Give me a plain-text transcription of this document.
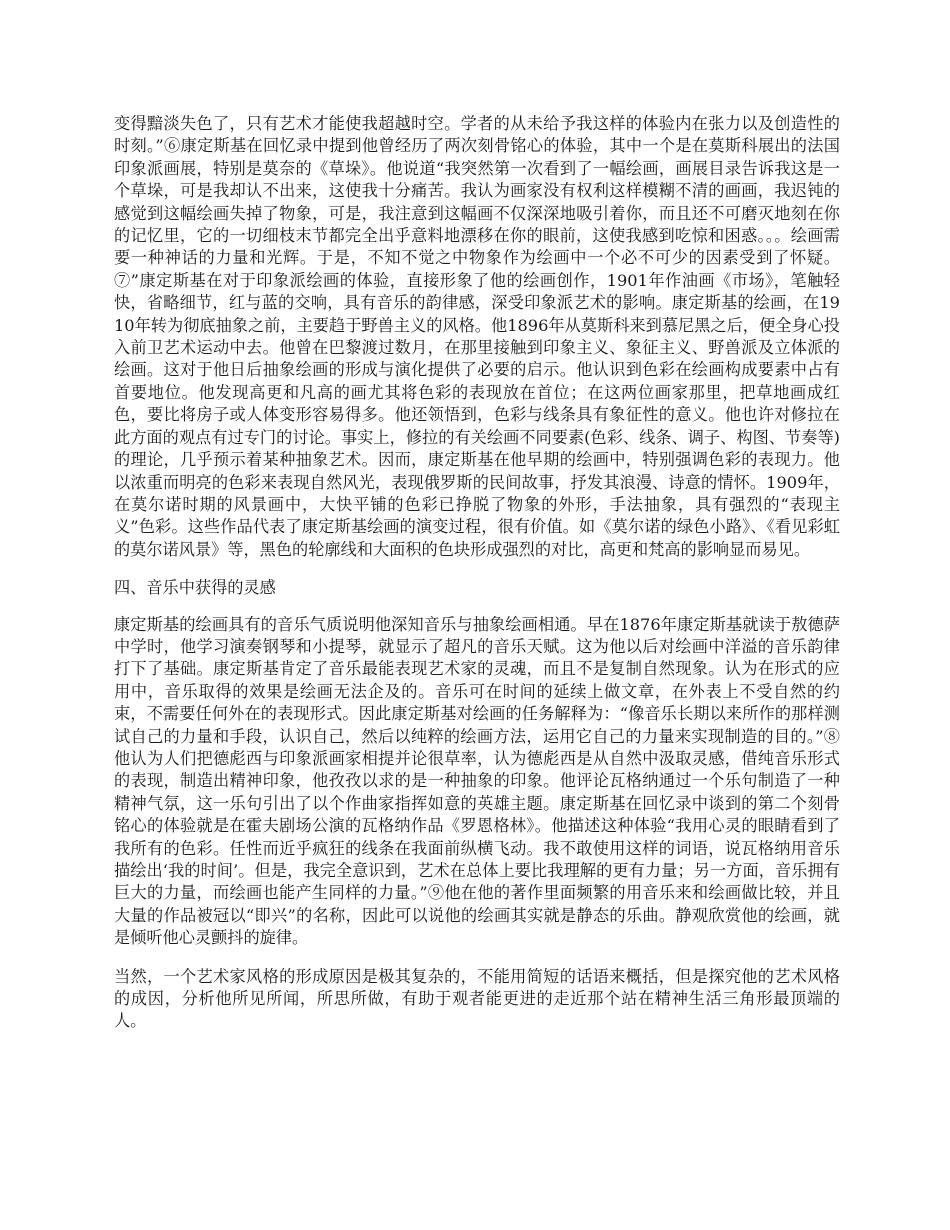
变得黯淡失色了，只有艺术才能使我超越时空。学者的从未给予我这样的体验内在张力以及创造性的时刻。”⑥康定斯基在回忆录中提到他曾经历了两次刻骨铭心的体验，其中一个是在莫斯科展出的法国印象派画展，特别是莫奈的《草垛》。他说道“我突然第一次看到了一幅绘画，画展目录告诉我这是一个草垛，可是我却认不出来，这使我十分痛苦。我认为画家没有权利这样模糊不清的画画，我迟钝的感觉到这幅绘画失掉了物象，可是，我注意到这幅画不仅深深地吸引着你，而且还不可磨灭地刻在你的记忆里，它的一切细枝末节都完全出乎意料地漂移在你的眼前，这使我感到吃惊和困惑。。。绘画需要一种神话的力量和光辉。于是，不知不觉之中物象作为绘画中一个必不可少的因素受到了怀疑。⑦”康定斯基在对于印象派绘画的体验，直接形象了他的绘画创作，1901年作油画《市场》，笔触轻快，省略细节，红与蓝的交响，具有音乐的韵律感，深受印象派艺术的影响。康定斯基的绘画，在1910年转为彻底抽象之前，主要趋于野兽主义的风格。他1896年从莫斯科来到慕尼黑之后，便全身心投入前卫艺术运动中去。他曾在巴黎渡过数月，在那里接触到印象主义、象征主义、野兽派及立体派的绘画。这对于他日后抽象绘画的形成与演化提供了必要的启示。他认识到色彩在绘画构成要素中占有首要地位。他发现高更和凡高的画尤其将色彩的表现放在首位；在这两位画家那里，把草地画成红色，要比将房子或人体变形容易得多。他还领悟到，色彩与线条具有象征性的意义。他也许对修拉在此方面的观点有过专门的讨论。事实上，修拉的有关绘画不同要素(色彩、线条、调子、构图、节奏等)的理论，几乎预示着某种抽象艺术。因而，康定斯基在他早期的绘画中，特别强调色彩的表现力。他以浓重而明亮的色彩来表现自然风光，表现俄罗斯的民间故事，抒发其浪漫、诗意的情怀。1909年，在莫尔诺时期的风景画中，大快平铺的色彩已挣脱了物象的外形，手法抽象，具有强烈的“表现主义”色彩。这些作品代表了康定斯基绘画的演变过程，很有价值。如《莫尔诺的绿色小路》、《看见彩虹的莫尔诺风景》等，黑色的轮廓线和大面积的色块形成强烈的对比，高更和梵高的影响显而易见。

四、音乐中获得的灵感

康定斯基的绘画具有的音乐气质说明他深知音乐与抽象绘画相通。早在1876年康定斯基就读于敖德萨中学时，他学习演奏钢琴和小提琴，就显示了超凡的音乐天赋。这为他以后对绘画中洋溢的音乐韵律打下了基础。康定斯基肯定了音乐最能表现艺术家的灵魂，而且不是复制自然现象。认为在形式的应用中，音乐取得的效果是绘画无法企及的。音乐可在时间的延续上做文章，在外表上不受自然的约束，不需要任何外在的表现形式。因此康定斯基对绘画的任务解释为：“像音乐长期以来所作的那样测试自己的力量和手段，认识自己，然后以纯粹的绘画方法，运用它自己的力量来实现制造的目的。”⑧他认为人们把德彪西与印象派画家相提并论很草率，认为德彪西是从自然中汲取灵感，借纯音乐形式的表现，制造出精神印象，他孜孜以求的是一种抽象的印象。他评论瓦格纳通过一个乐句制造了一种精神气氛，这一乐句引出了以个作曲家指挥如意的英雄主题。康定斯基在回忆录中谈到的第二个刻骨铭心的体验就是在霍夫剧场公演的瓦格纳作品《罗恩格林》。他描述这种体验“我用心灵的眼睛看到了我所有的色彩。任性而近乎疯狂的线条在我面前纵横飞动。我不敢使用这样的词语，说瓦格纳用音乐描绘出‘我的时间’。但是，我完全意识到，艺术在总体上要比我理解的更有力量；另一方面，音乐拥有巨大的力量，而绘画也能产生同样的力量。”⑨他在他的著作里面频繁的用音乐来和绘画做比较，并且大量的作品被冠以“即兴”的名称，因此可以说他的绘画其实就是静态的乐曲。静观欣赏他的绘画，就是倾听他心灵颤抖的旋律。

当然，一个艺术家风格的形成原因是极其复杂的，不能用简短的话语来概括，但是探究他的艺术风格的成因，分析他所见所闻，所思所做，有助于观者能更进的走近那个站在精神生活三角形最顶端的人。
